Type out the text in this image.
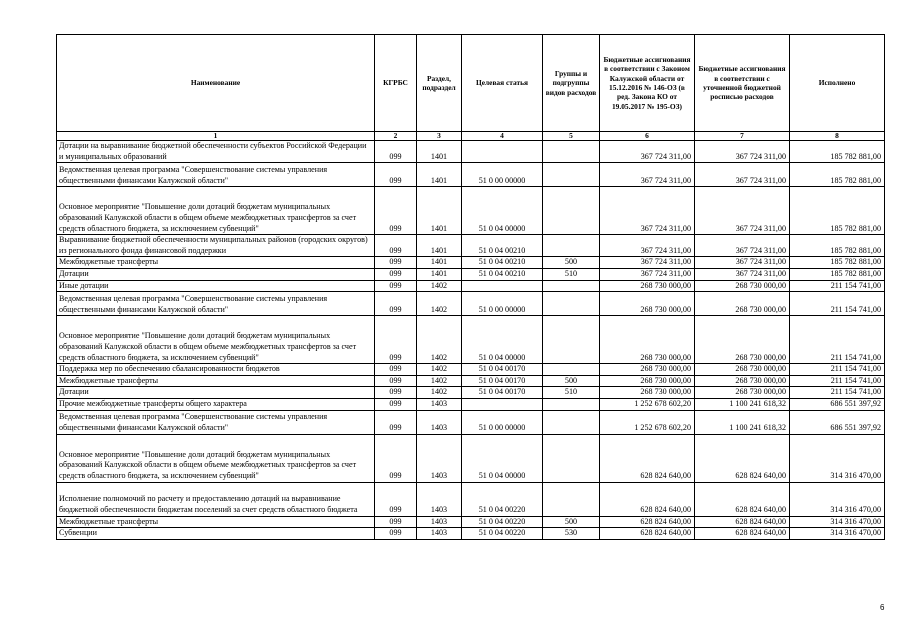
Наименование	КГРБС	Раздел, подраздел	Целевая статья	Группы и подгруппы видов расходов	Бюджетные ассигнования в соответствии с Законом Калужской области от 15.12.2016 № 146-ОЗ (в ред. Закона КО от 19.05.2017 № 195-ОЗ)	Бюджетные ассигнования в соответствии с уточненной бюджетной росписью расходов	Исполнено
1	2	3	4	5	6	7	8
Дотации на выравнивание бюджетной обеспеченности субъектов Российской Федерации и муниципальных образований	099	1401			367 724 311,00	367 724 311,00	185 782 881,00
Ведомственная целевая программа "Совершенствование системы управления общественными финансами Калужской области"	099	1401	51 0 00 00000		367 724 311,00	367 724 311,00	185 782 881,00
Основное мероприятие "Повышение доли дотаций бюджетам муниципальных образований Калужской области в общем объеме межбюджетных трансфертов за счет средств областного бюджета, за исключением субвенций"	099	1401	51 0 04 00000		367 724 311,00	367 724 311,00	185 782 881,00
Выравнивание бюджетной обеспеченности муниципальных районов (городских округов) из регионального фонда финансовой поддержки	099	1401	51 0 04 00210		367 724 311,00	367 724 311,00	185 782 881,00
Межбюджетные трансферты	099	1401	51 0 04 00210	500	367 724 311,00	367 724 311,00	185 782 881,00
Дотации	099	1401	51 0 04 00210	510	367 724 311,00	367 724 311,00	185 782 881,00
Иные дотации	099	1402			268 730 000,00	268 730 000,00	211 154 741,00
Ведомственная целевая программа "Совершенствование системы управления общественными финансами Калужской области"	099	1402	51 0 00 00000		268 730 000,00	268 730 000,00	211 154 741,00
Основное мероприятие "Повышение доли дотаций бюджетам муниципальных образований Калужской области в общем объеме межбюджетных трансфертов за счет средств областного бюджета, за исключением субвенций"	099	1402	51 0 04 00000		268 730 000,00	268 730 000,00	211 154 741,00
Поддержка мер по обеспечению сбалансированности бюджетов	099	1402	51 0 04 00170		268 730 000,00	268 730 000,00	211 154 741,00
Межбюджетные трансферты	099	1402	51 0 04 00170	500	268 730 000,00	268 730 000,00	211 154 741,00
Дотации	099	1402	51 0 04 00170	510	268 730 000,00	268 730 000,00	211 154 741,00
Прочие межбюджетные трансферты общего характера	099	1403			1 252 678 602,20	1 100 241 618,32	686 551 397,92
Ведомственная целевая программа "Совершенствование системы управления общественными финансами Калужской области"	099	1403	51 0 00 00000		1 252 678 602,20	1 100 241 618,32	686 551 397,92
Основное мероприятие "Повышение доли дотаций бюджетам муниципальных образований Калужской области в общем объеме межбюджетных трансфертов за счет средств областного бюджета, за исключением субвенций"	099	1403	51 0 04 00000		628 824 640,00	628 824 640,00	314 316 470,00
Исполнение полномочий по расчету и предоставлению дотаций на выравнивание бюджетной обеспеченности бюджетам поселений за счет средств областного бюджета	099	1403	51 0 04 00220		628 824 640,00	628 824 640,00	314 316 470,00
Межбюджетные трансферты	099	1403	51 0 04 00220	500	628 824 640,00	628 824 640,00	314 316 470,00
Субвенции	099	1403	51 0 04 00220	530	628 824 640,00	628 824 640,00	314 316 470,00
6
